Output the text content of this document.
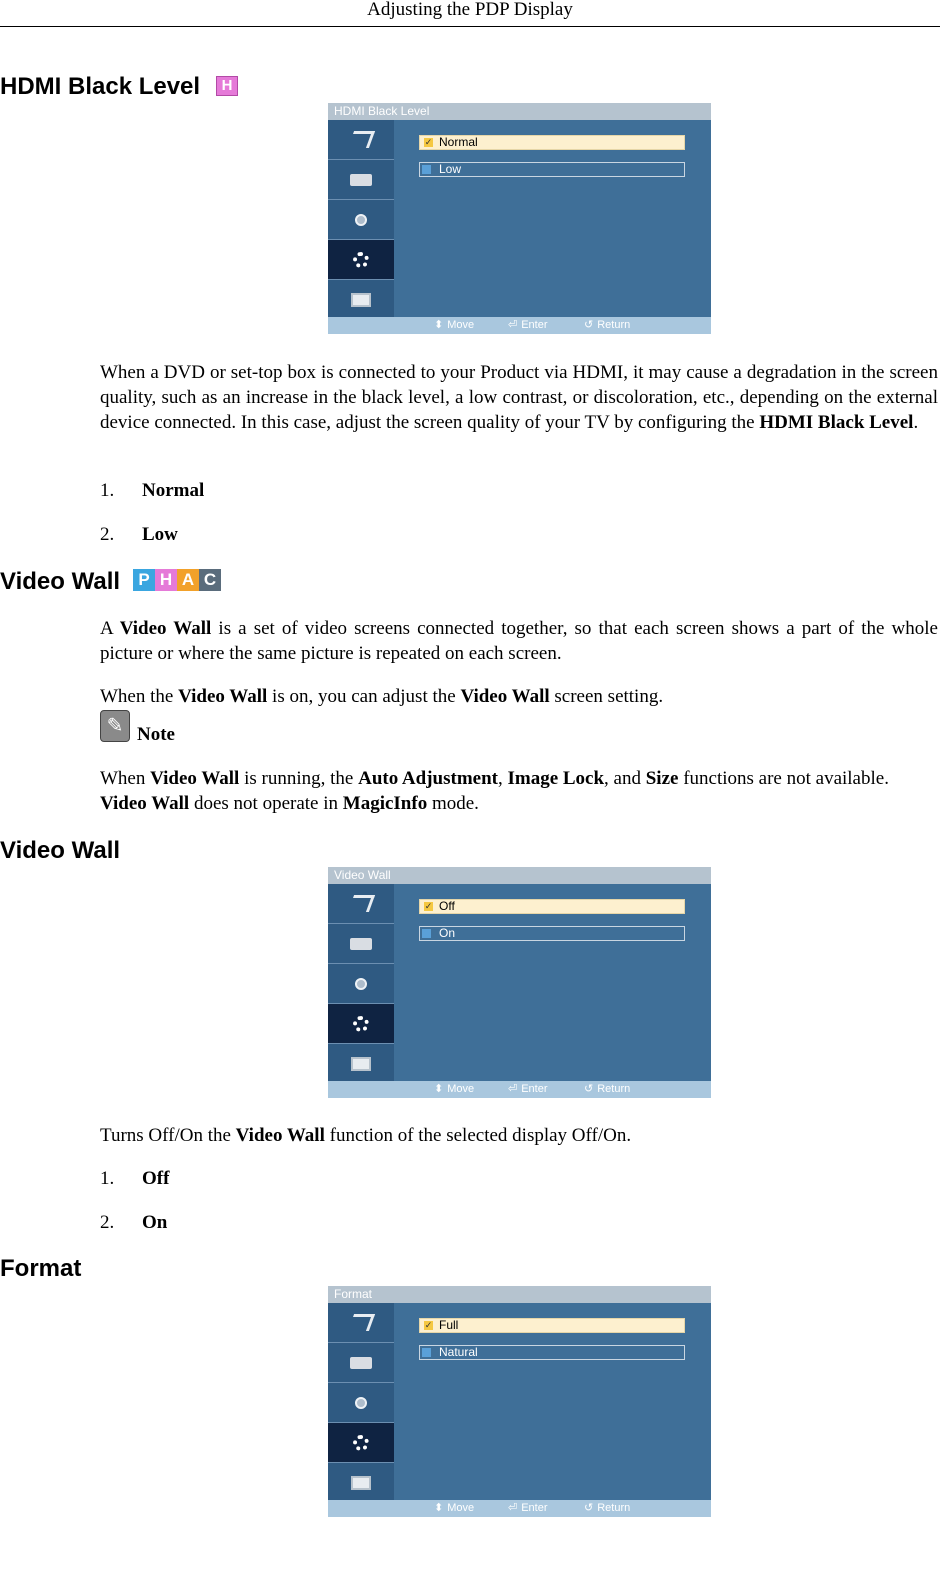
Adjusting the PDP Display
HDMI Black Level	H
HDMI Black Level
✓ Normal
Low
⬍ Move	⏎ Enter	↺ Return
When a DVD or set-top box is connected to your Product via HDMI, it may cause a degradation in the screen quality, such as an increase in the black level, a low contrast, or discoloration, etc., depending on the external device connected. In this case, adjust the screen quality of your TV by configuring the HDMI Black Level.
1. Normal
2. Low
Video Wall	P H A C
A Video Wall is a set of video screens connected together, so that each screen shows a part of the whole picture or where the same picture is repeated on each screen.
When the Video Wall is on, you can adjust the Video Wall screen setting.
✎ Note
When Video Wall is running, the Auto Adjustment, Image Lock, and Size functions are not available.
Video Wall does not operate in MagicInfo mode.
Video Wall
Video Wall
✓ Off
On
⬍ Move	⏎ Enter	↺ Return
Turns Off/On the Video Wall function of the selected display Off/On.
1. Off
2. On
Format
Format
✓ Full
Natural
⬍ Move	⏎ Enter	↺ Return
